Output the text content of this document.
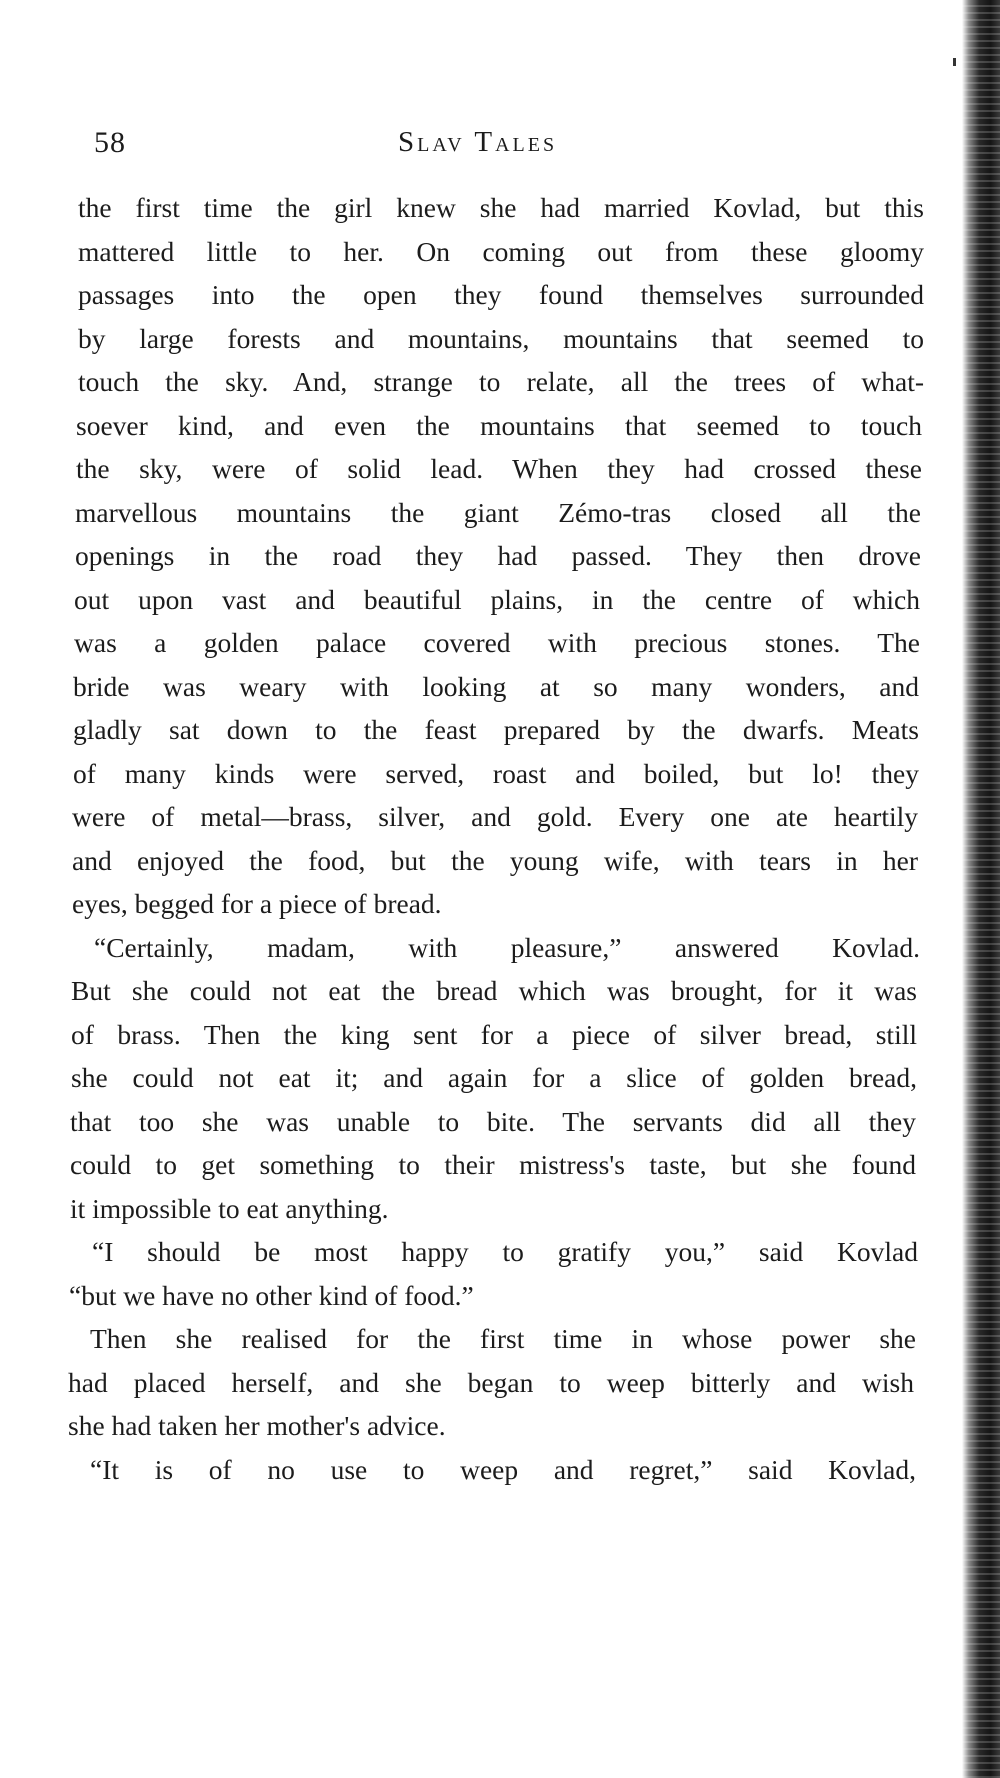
58	Slav Tales
the first time the girl knew she had married Kovlad, but this
mattered little to her. On coming out from these gloomy
passages into the open they found themselves surrounded
by large forests and mountains, mountains that seemed to
touch the sky. And, strange to relate, all the trees of what-
soever kind, and even the mountains that seemed to touch
the sky, were of solid lead. When they had crossed these
marvellous mountains the giant Zémo-tras closed all the
openings in the road they had passed. They then drove
out upon vast and beautiful plains, in the centre of which
was a golden palace covered with precious stones. The
bride was weary with looking at so many wonders, and
gladly sat down to the feast prepared by the dwarfs. Meats
of many kinds were served, roast and boiled, but lo! they
were of metal—brass, silver, and gold. Every one ate heartily
and enjoyed the food, but the young wife, with tears in her
eyes, begged for a piece of bread.
“Certainly, madam, with pleasure,” answered Kovlad.
But she could not eat the bread which was brought, for it was
of brass. Then the king sent for a piece of silver bread, still
she could not eat it; and again for a slice of golden bread,
that too she was unable to bite. The servants did all they
could to get something to their mistress's taste, but she found
it impossible to eat anything.
“I should be most happy to gratify you,” said Kovlad
“but we have no other kind of food.”
Then she realised for the first time in whose power she
had placed herself, and she began to weep bitterly and wish
she had taken her mother's advice.
“It is of no use to weep and regret,” said Kovlad,
